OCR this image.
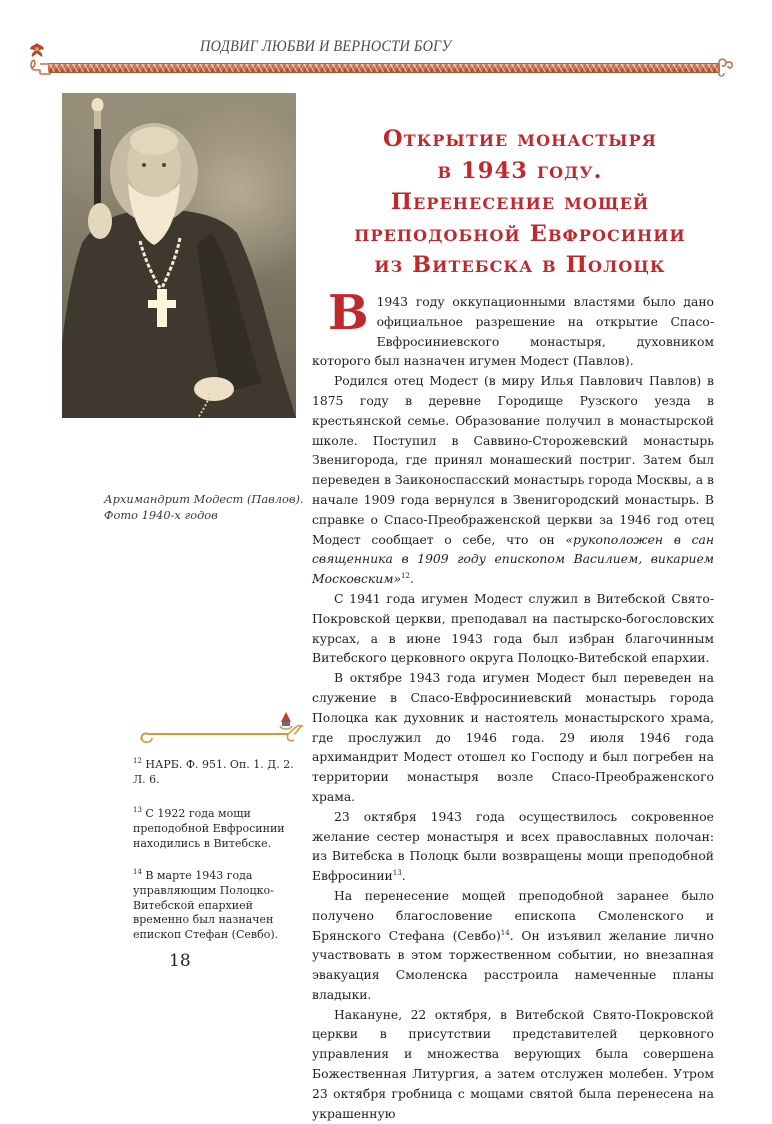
ПОДВИГ ЛЮБВИ И ВЕРНОСТИ БОГУ
Архимандрит Модест (Павлов).
Фото 1940-х годов
Открытие монастыря
в 1943 году.
Перенесение мощей
преподобной Евфросинии
из Витебска в Полоцк

В 1943 году оккупационными властями было дано официальное разрешение на открытие Спасо-Евфросиниевского монастыря, духовником которого был назначен игумен Модест (Павлов).

Родился отец Модест (в миру Илья Павлович Павлов) в 1875 году в деревне Городище Рузского уезда в крестьянской семье. Образование получил в монастырской школе. Поступил в Саввино-Сторожевский монастырь Звенигорода, где принял монашеский постриг. Затем был переведен в Заиконоспасский монастырь города Москвы, а в начале 1909 года вернулся в Звенигородский монастырь. В справке о Спасо-Преображенской церкви за 1946 год отец Модест сообщает о себе, что он «рукоположен в сан священника в 1909 году епископом Василием, викарием Московским»$^{12}$.

С 1941 года игумен Модест служил в Витебской Свято-Покровской церкви, преподавал на пастырско-богословских курсах, а в июне 1943 года был избран благочинным Витебского церковного округа Полоцко-Витебской епархии.

В октябре 1943 года игумен Модест был переведен на служение в Спасо-Евфросиниевский монастырь города Полоцка как духовник и настоятель монастырского храма, где прослужил до 1946 года. 29 июля 1946 года архимандрит Модест отошел ко Господу и был погребен на территории монастыря возле Спасо-Преображенского храма.

23 октября 1943 года осуществилось сокровенное желание сестер монастыря и всех православных полочан: из Витебска в Полоцк были возвращены мощи преподобной Евфросинии$^{13}$.

На перенесение мощей преподобной заранее было получено благословение епископа Смоленского и Брянского Стефана (Севбо)$^{14}$. Он изъявил желание лично участвовать в этом торжественном событии, но внезапная эвакуация Смоленска расстроила намеченные планы владыки.

Накануне, 22 октября, в Витебской Свято-Покровской церкви в присутствии представителей церковного управления и множества верующих была совершена Божественная Литургия, а затем отслужен молебен. Утром 23 октября гробница с мощами святой была перенесена на украшенную

$^{12}$ НАРБ. Ф. 951. Оп. 1. Д. 2. Л. 6.
$^{13}$ С 1922 года мощи преподобной Евфросинии находились в Витебске.
$^{14}$ В марте 1943 года управляющим Полоцко-Витебской епархией временно был назначен епископ Стефан (Севбо).
18
